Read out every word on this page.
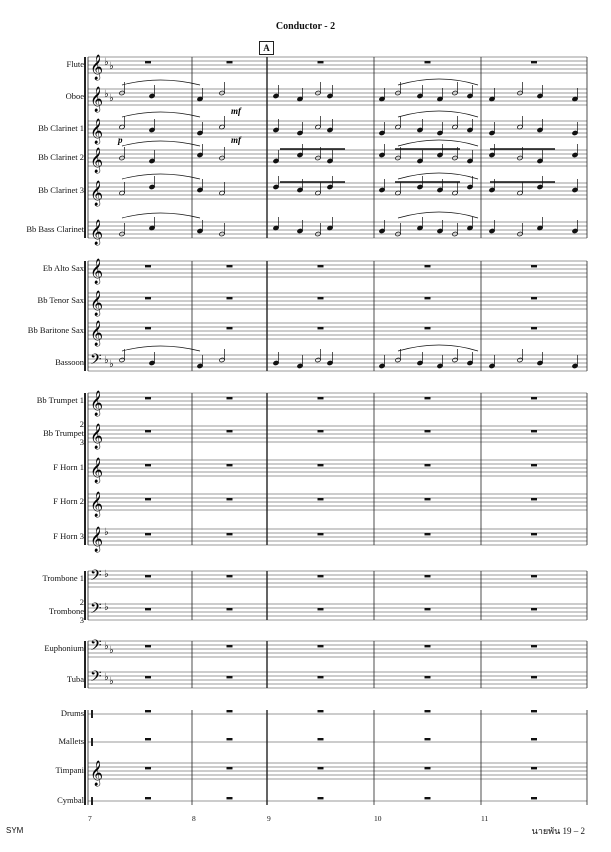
Conductor - 2
A
𝄞 ♭ ♭
𝄞 ♭ ♭
𝄞
𝄞
𝄞
𝄞
𝄞
𝄞
𝄞
𝄢 ♭ ♭
𝄞
𝄞
𝄞
𝄞
𝄞 ♭
𝄢 ♭
𝄢 ♭
𝄢 ♭ ♭
𝄢 ♭ ♭
𝄞
p
mf
mf
Flute
Oboe
Bb Clarinet 1
Bb Clarinet 2
Bb Clarinet 3
Bb Bass Clarinet
Eb Alto Sax
Bb Tenor Sax
Bb Baritone Sax
Bassoon
Bb Trumpet 1
2
Bb Trumpet
3
F Horn 1
F Horn 2
F Horn 3
Trombone 1
2
Trombone
3
Euphonium
Tuba
Drums
Mallets
Timpani
Cymbal
7	8	9	10	11
SYM	นายพัน 19 – 2
